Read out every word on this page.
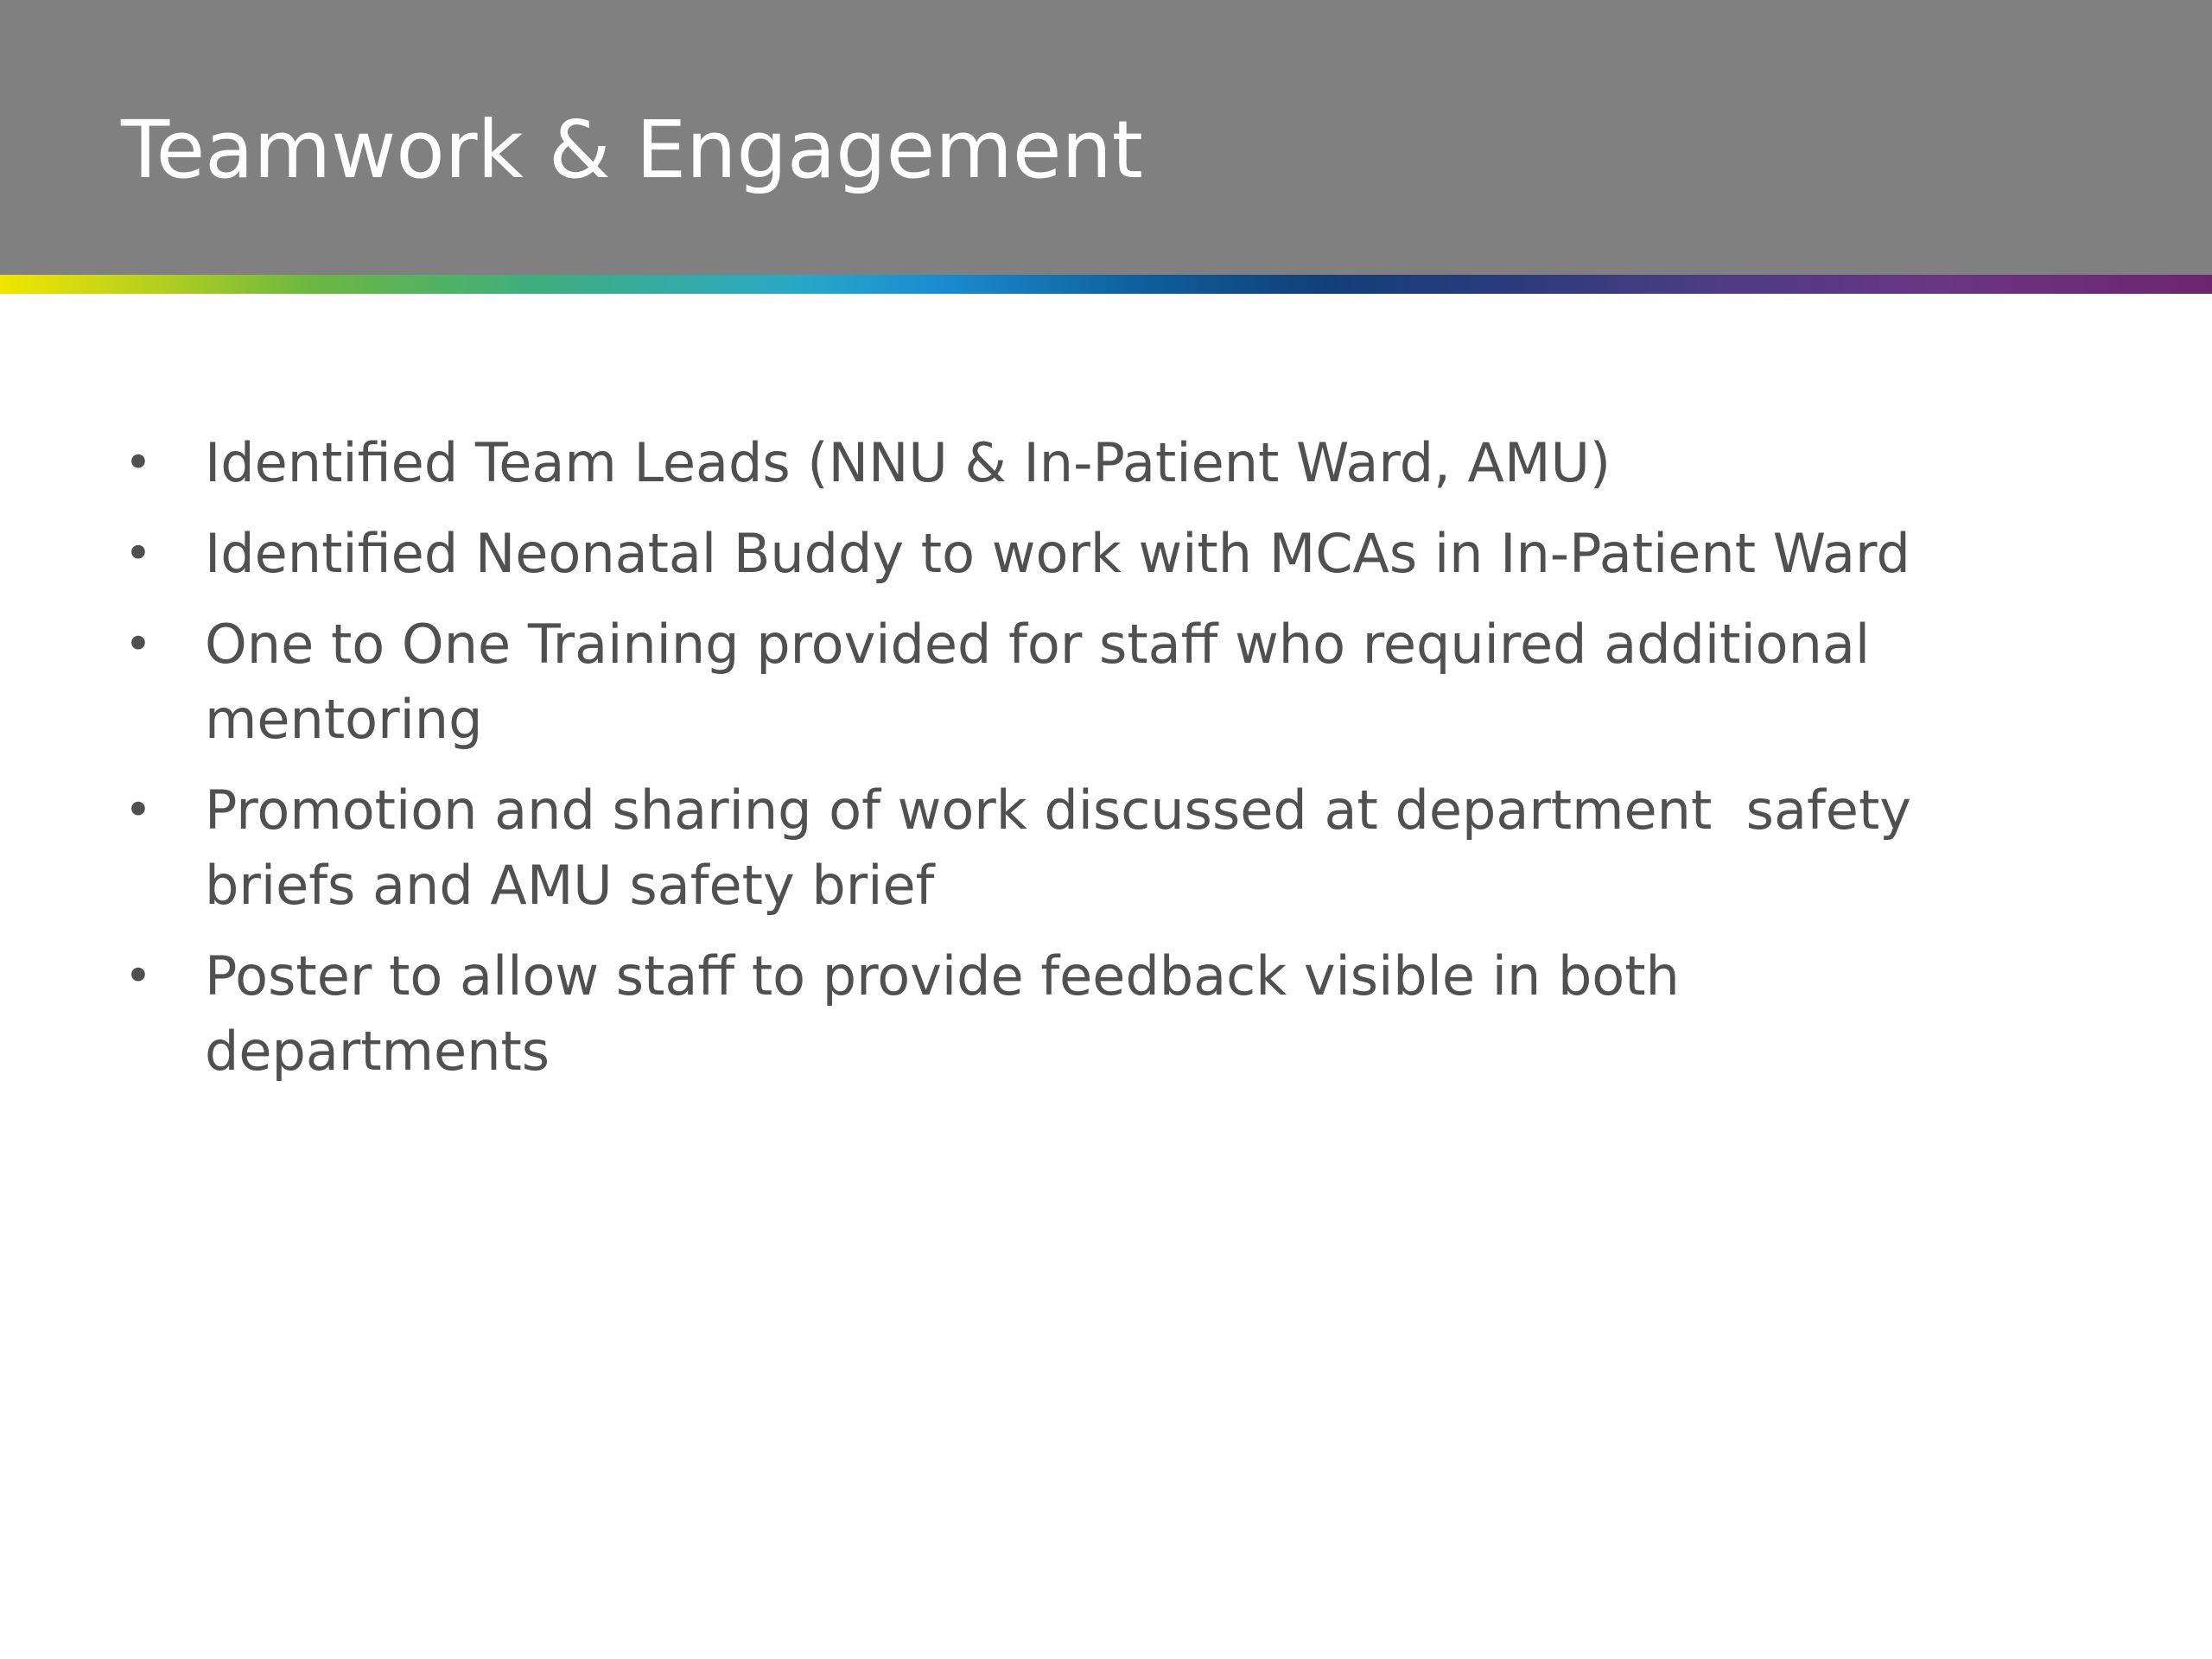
Teamwork & Engagement
• Identified Team Leads (NNU & In-Patient Ward, AMU)
• Identified Neonatal Buddy to work with MCAs in In-Patient Ward
• One to One Training provided for staff who required additional
mentoring
• Promotion and sharing of work discussed at department  safety
briefs and AMU safety brief
• Poster to allow staff to provide feedback visible in both
departments
